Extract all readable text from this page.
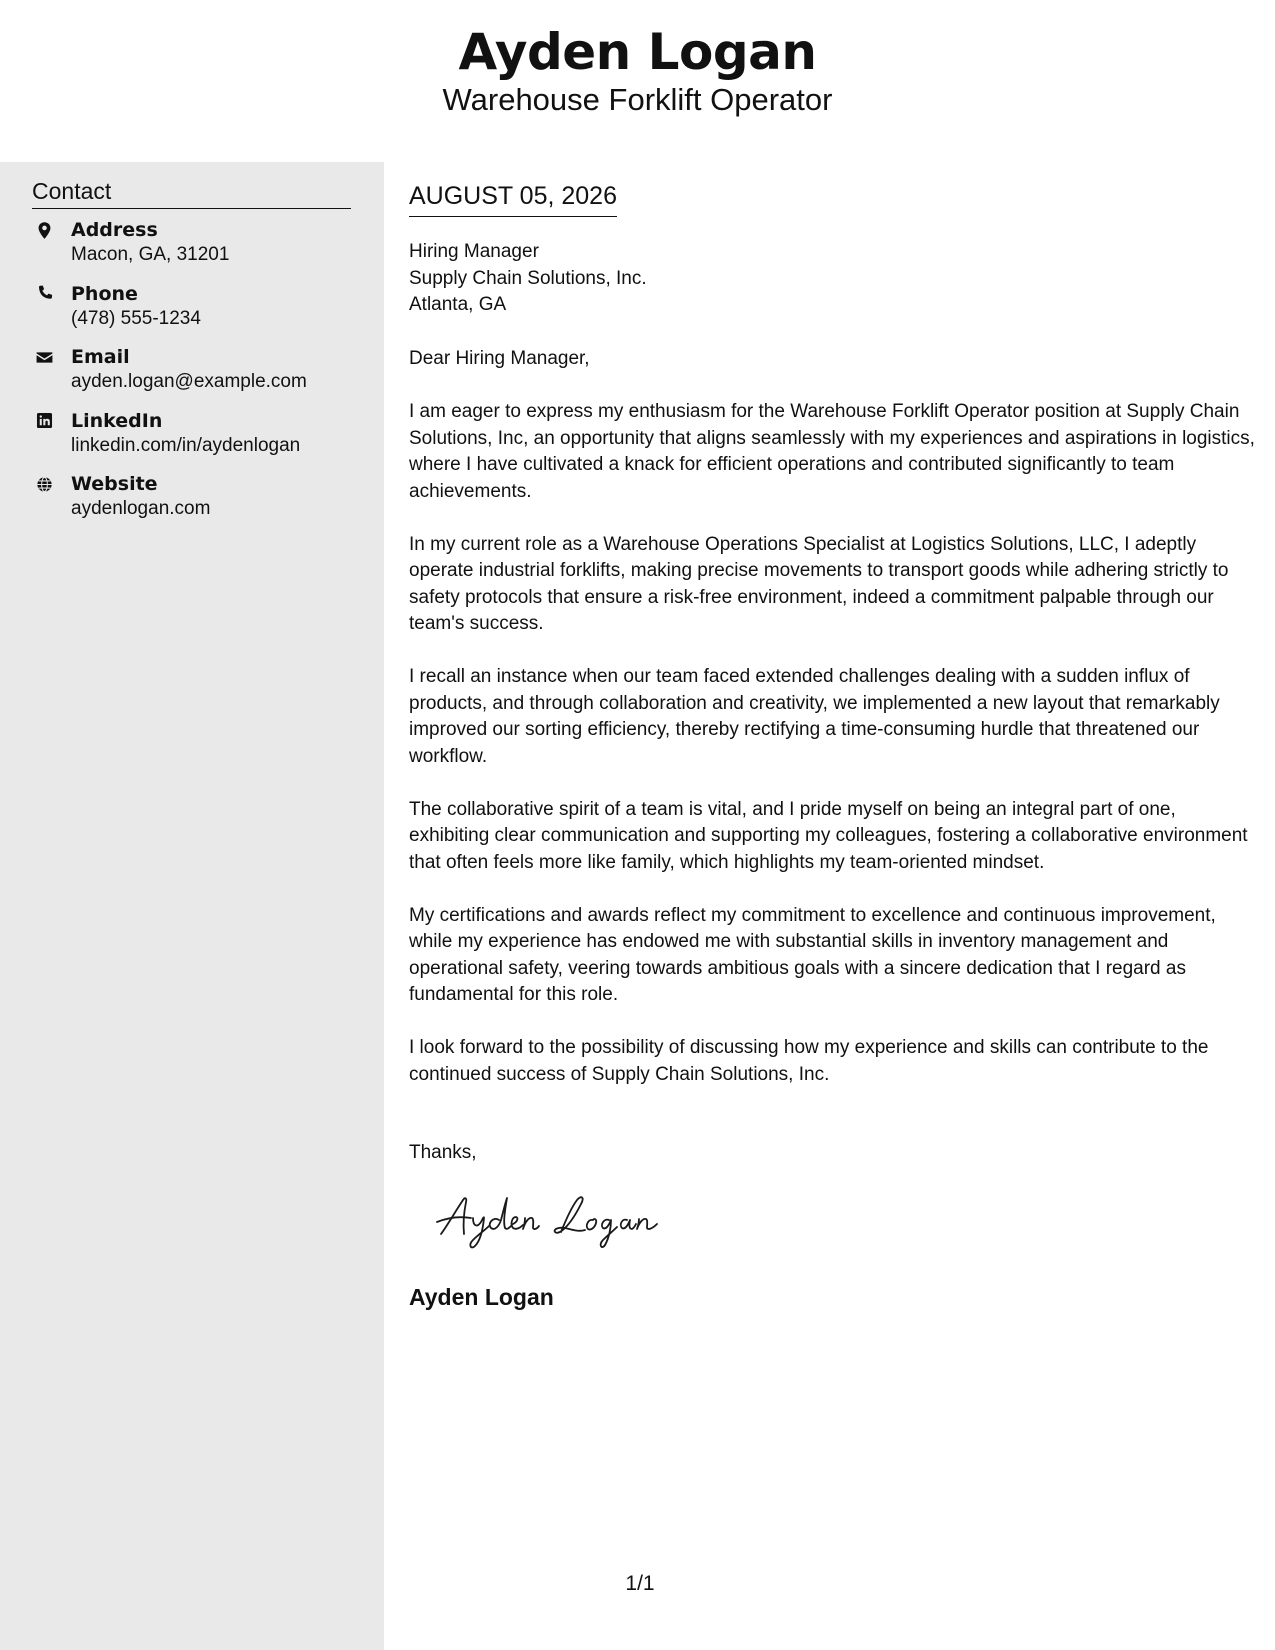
Ayden Logan
Warehouse Forklift Operator
Contact
Address
Macon, GA, 31201
Phone
(478) 555-1234
Email
ayden.logan@example.com
LinkedIn
linkedin.com/in/aydenlogan
Website
aydenlogan.com
AUGUST 05, 2026
Hiring Manager
Supply Chain Solutions, Inc.
Atlanta, GA

Dear Hiring Manager,

I am eager to express my enthusiasm for the Warehouse Forklift Operator position at Supply Chain Solutions, Inc, an opportunity that aligns seamlessly with my experiences and aspirations in logistics, where I have cultivated a knack for efficient operations and contributed significantly to team achievements.

In my current role as a Warehouse Operations Specialist at Logistics Solutions, LLC, I adeptly operate industrial forklifts, making precise movements to transport goods while adhering strictly to safety protocols that ensure a risk-free environment, indeed a commitment palpable through our team's success.

I recall an instance when our team faced extended challenges dealing with a sudden influx of products, and through collaboration and creativity, we implemented a new layout that remarkably improved our sorting efficiency, thereby rectifying a time-consuming hurdle that threatened our workflow.

The collaborative spirit of a team is vital, and I pride myself on being an integral part of one, exhibiting clear communication and supporting my colleagues, fostering a collaborative environment that often feels more like family, which highlights my team-oriented mindset.

My certifications and awards reflect my commitment to excellence and continuous improvement, while my experience has endowed me with substantial skills in inventory management and operational safety, veering towards ambitious goals with a sincere dedication that I regard as fundamental for this role.

I look forward to the possibility of discussing how my experience and skills can contribute to the continued success of Supply Chain Solutions, Inc.

Thanks,
Ayden Logan
1/1
